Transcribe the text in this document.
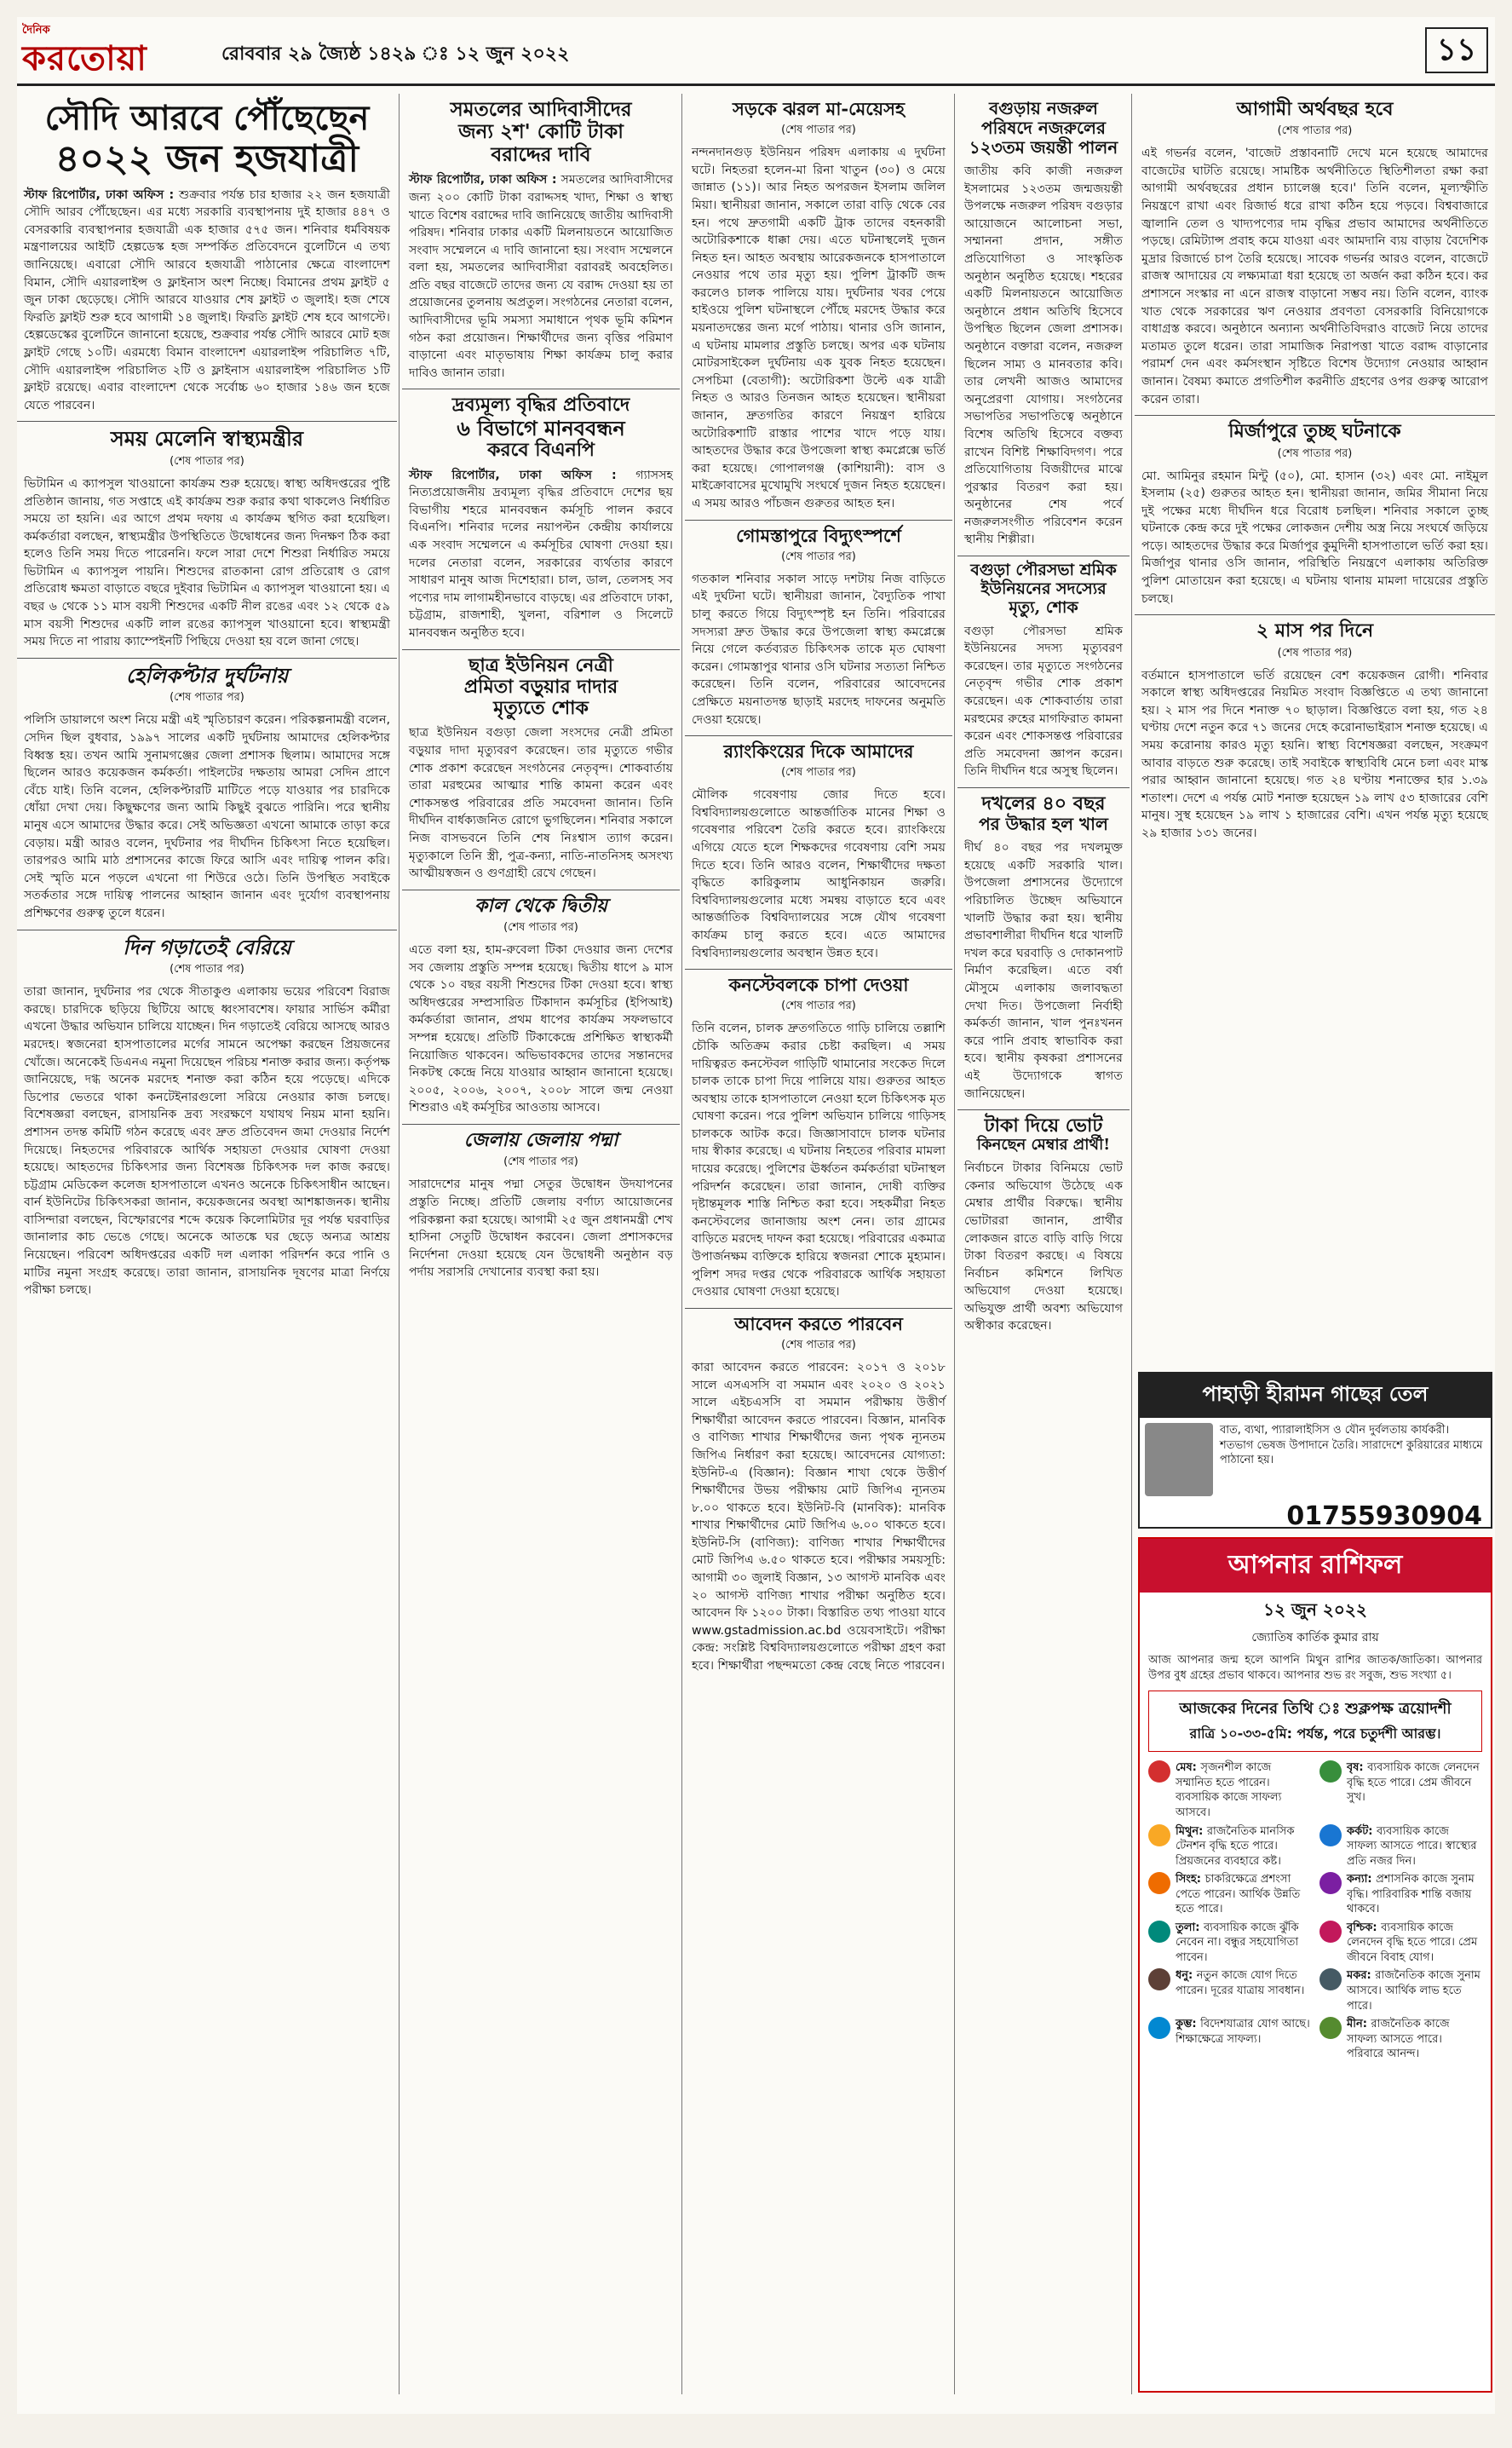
দৈনিক
করতোয়া	রোববার ২৯ জ্যৈষ্ঠ ১৪২৯ ঃ ১২ জুন ২০২২	১১
সৌদি আরবে পৌঁছেছেন
৪০২২ জন হজযাত্রী
স্টাফ রিপোর্টার, ঢাকা অফিস : শুক্রবার পর্যন্ত চার হাজার ২২ জন হজযাত্রী সৌদি আরব পৌঁছেছেন। এর মধ্যে সরকারি ব্যবস্থাপনায় দুই হাজার ৪৪৭ ও বেসরকারি ব্যবস্থাপনার হজযাত্রী এক হাজার ৫৭৫ জন। শনিবার ধর্মবিষয়ক মন্ত্রণালয়ের আইটি হেল্পডেস্ক হজ সম্পর্কিত প্রতিবেদনে বুলেটিনে এ তথ্য জানিয়েছে। এবারো সৌদি আরবে হজযাত্রী পাঠানোর ক্ষেত্রে বাংলাদেশ বিমান, সৌদি এয়ারলাইন্স ও ফ্লাইনাস অংশ নিচ্ছে। বিমানের প্রথম ফ্লাইট ৫ জুন ঢাকা ছেড়েছে। সৌদি আরবে যাওয়ার শেষ ফ্লাইট ৩ জুলাই। হজ শেষে ফিরতি ফ্লাইট শুরু হবে আগামী ১৪ জুলাই। ফিরতি ফ্লাইট শেষ হবে আগস্টে। হেল্পডেস্কের বুলেটিনে জানানো হয়েছে, শুক্রবার পর্যন্ত সৌদি আরবে মোট হজ ফ্লাইট গেছে ১০টি। এরমধ্যে বিমান বাংলাদেশ এয়ারলাইন্স পরিচালিত ৭টি, সৌদি এয়ারলাইন্স পরিচালিত ২টি ও ফ্লাইনাস এয়ারলাইন্স পরিচালিত ১টি ফ্লাইট রয়েছে। এবার বাংলাদেশ থেকে সর্বোচ্চ ৬০ হাজার ১৪৬ জন হজে যেতে পারবেন।
সময় মেলেনি স্বাস্থ্যমন্ত্রীর
(শেষ পাতার পর)
ভিটামিন এ ক্যাপসুল খাওয়ানো কার্যক্রম শুরু হয়েছে। স্বাস্থ্য অধিদপ্তরের পুষ্টি প্রতিষ্ঠান জানায়, গত সপ্তাহে এই কার্যক্রম শুরু করার কথা থাকলেও নির্ধারিত সময়ে তা হয়নি। এর আগে প্রথম দফায় এ কার্যক্রম স্থগিত করা হয়েছিল। কর্মকর্তারা বলছেন, স্বাস্থ্যমন্ত্রীর উপস্থিতিতে উদ্বোধনের জন্য দিনক্ষণ ঠিক করা হলেও তিনি সময় দিতে পারেননি। ফলে সারা দেশে শিশুরা নির্ধারিত সময়ে ভিটামিন এ ক্যাপসুল পায়নি। শিশুদের রাতকানা রোগ প্রতিরোধ ও রোগ প্রতিরোধ ক্ষমতা বাড়াতে বছরে দুইবার ভিটামিন এ ক্যাপসুল খাওয়ানো হয়। এ বছর ৬ থেকে ১১ মাস বয়সী শিশুদের একটি নীল রঙের এবং ১২ থেকে ৫৯ মাস বয়সী শিশুদের একটি লাল রঙের ক্যাপসুল খাওয়ানো হবে। স্বাস্থ্যমন্ত্রী সময় দিতে না পারায় ক্যাম্পেইনটি পিছিয়ে দেওয়া হয় বলে জানা গেছে।
হেলিকপ্টার দুর্ঘটনায়
(শেষ পাতার পর)
পলিসি ডায়ালগে অংশ নিয়ে মন্ত্রী এই স্মৃতিচারণ করেন। পরিকল্পনামন্ত্রী বলেন, সেদিন ছিল বুধবার, ১৯৯৭ সালের একটি দুর্ঘটনায় আমাদের হেলিকপ্টার বিধ্বস্ত হয়। তখন আমি সুনামগঞ্জের জেলা প্রশাসক ছিলাম। আমাদের সঙ্গে ছিলেন আরও কয়েকজন কর্মকর্তা। পাইলটের দক্ষতায় আমরা সেদিন প্রাণে বেঁচে যাই। তিনি বলেন, হেলিকপ্টারটি মাটিতে পড়ে যাওয়ার পর চারদিকে ধোঁয়া দেখা দেয়। কিছুক্ষণের জন্য আমি কিছুই বুঝতে পারিনি। পরে স্থানীয় মানুষ এসে আমাদের উদ্ধার করে। সেই অভিজ্ঞতা এখনো আমাকে তাড়া করে বেড়ায়। মন্ত্রী আরও বলেন, দুর্ঘটনার পর দীর্ঘদিন চিকিৎসা নিতে হয়েছিল। তারপরও আমি মাঠ প্রশাসনের কাজে ফিরে আসি এবং দায়িত্ব পালন করি। সেই স্মৃতি মনে পড়লে এখনো গা শিউরে ওঠে। তিনি উপস্থিত সবাইকে সতর্কতার সঙ্গে দায়িত্ব পালনের আহ্বান জানান এবং দুর্যোগ ব্যবস্থাপনায় প্রশিক্ষণের গুরুত্ব তুলে ধরেন।
দিন গড়াতেই বেরিয়ে
(শেষ পাতার পর)
তারা জানান, দুর্ঘটনার পর থেকে সীতাকুণ্ড এলাকায় ভয়ের পরিবেশ বিরাজ করছে। চারদিকে ছড়িয়ে ছিটিয়ে আছে ধ্বংসাবশেষ। ফায়ার সার্ভিস কর্মীরা এখনো উদ্ধার অভিযান চালিয়ে যাচ্ছেন। দিন গড়াতেই বেরিয়ে আসছে আরও মরদেহ। স্বজনেরা হাসপাতালের মর্গের সামনে অপেক্ষা করছেন প্রিয়জনের খোঁজে। অনেকেই ডিএনএ নমুনা দিয়েছেন পরিচয় শনাক্ত করার জন্য। কর্তৃপক্ষ জানিয়েছে, দগ্ধ অনেক মরদেহ শনাক্ত করা কঠিন হয়ে পড়েছে। এদিকে ডিপোর ভেতরে থাকা কনটেইনারগুলো সরিয়ে নেওয়ার কাজ চলছে। বিশেষজ্ঞরা বলছেন, রাসায়নিক দ্রব্য সংরক্ষণে যথাযথ নিয়ম মানা হয়নি। প্রশাসন তদন্ত কমিটি গঠন করেছে এবং দ্রুত প্রতিবেদন জমা দেওয়ার নির্দেশ দিয়েছে। নিহতদের পরিবারকে আর্থিক সহায়তা দেওয়ার ঘোষণা দেওয়া হয়েছে। আহতদের চিকিৎসার জন্য বিশেষজ্ঞ চিকিৎসক দল কাজ করছে। চট্টগ্রাম মেডিকেল কলেজ হাসপাতালে এখনও অনেকে চিকিৎসাধীন আছেন। বার্ন ইউনিটের চিকিৎসকরা জানান, কয়েকজনের অবস্থা আশঙ্কাজনক। স্থানীয় বাসিন্দারা বলছেন, বিস্ফোরণের শব্দে কয়েক কিলোমিটার দূর পর্যন্ত ঘরবাড়ির জানালার কাচ ভেঙে গেছে। অনেকে আতঙ্কে ঘর ছেড়ে অন্যত্র আশ্রয় নিয়েছেন। পরিবেশ অধিদপ্তরের একটি দল এলাকা পরিদর্শন করে পানি ও মাটির নমুনা সংগ্রহ করেছে। তারা জানান, রাসায়নিক দূষণের মাত্রা নির্ণয়ে পরীক্ষা চলছে।
সমতলের আদিবাসীদের
জন্য ২শ' কোটি টাকা
বরাদ্দের দাবি
স্টাফ রিপোর্টার, ঢাকা অফিস : সমতলের আদিবাসীদের জন্য ২০০ কোটি টাকা বরাদ্দসহ খাদ্য, শিক্ষা ও স্বাস্থ্য খাতে বিশেষ বরাদ্দের দাবি জানিয়েছে জাতীয় আদিবাসী পরিষদ। শনিবার ঢাকার একটি মিলনায়তনে আয়োজিত সংবাদ সম্মেলনে এ দাবি জানানো হয়। সংবাদ সম্মেলনে বলা হয়, সমতলের আদিবাসীরা বরাবরই অবহেলিত। প্রতি বছর বাজেটে তাদের জন্য যে বরাদ্দ দেওয়া হয় তা প্রয়োজনের তুলনায় অপ্রতুল। সংগঠনের নেতারা বলেন, আদিবাসীদের ভূমি সমস্যা সমাধানে পৃথক ভূমি কমিশন গঠন করা প্রয়োজন। শিক্ষার্থীদের জন্য বৃত্তির পরিমাণ বাড়ানো এবং মাতৃভাষায় শিক্ষা কার্যক্রম চালু করার দাবিও জানান তারা।
দ্রব্যমূল্য বৃদ্ধির প্রতিবাদে
৬ বিভাগে মানববন্ধন
করবে বিএনপি
স্টাফ রিপোর্টার, ঢাকা অফিস : গ্যাসসহ নিত্যপ্রয়োজনীয় দ্রব্যমূল্য বৃদ্ধির প্রতিবাদে দেশের ছয় বিভাগীয় শহরে মানববন্ধন কর্মসূচি পালন করবে বিএনপি। শনিবার দলের নয়াপল্টন কেন্দ্রীয় কার্যালয়ে এক সংবাদ সম্মেলনে এ কর্মসূচির ঘোষণা দেওয়া হয়। দলের নেতারা বলেন, সরকারের ব্যর্থতার কারণে সাধারণ মানুষ আজ দিশেহারা। চাল, ডাল, তেলসহ সব পণ্যের দাম লাগামহীনভাবে বাড়ছে। এর প্রতিবাদে ঢাকা, চট্টগ্রাম, রাজশাহী, খুলনা, বরিশাল ও সিলেটে মানববন্ধন অনুষ্ঠিত হবে।
ছাত্র ইউনিয়ন নেত্রী
প্রমিতা বড়ুয়ার দাদার
মৃত্যুতে শোক
ছাত্র ইউনিয়ন বগুড়া জেলা সংসদের নেত্রী প্রমিতা বড়ুয়ার দাদা মৃত্যুবরণ করেছেন। তার মৃত্যুতে গভীর শোক প্রকাশ করেছেন সংগঠনের নেতৃবৃন্দ। শোকবার্তায় তারা মরহুমের আত্মার শান্তি কামনা করেন এবং শোকসন্তপ্ত পরিবারের প্রতি সমবেদনা জানান। তিনি দীর্ঘদিন বার্ধক্যজনিত রোগে ভুগছিলেন। শনিবার সকালে নিজ বাসভবনে তিনি শেষ নিঃশ্বাস ত্যাগ করেন। মৃত্যুকালে তিনি স্ত্রী, পুত্র-কন্যা, নাতি-নাতনিসহ অসংখ্য আত্মীয়স্বজন ও গুণগ্রাহী রেখে গেছেন।
কাল থেকে দ্বিতীয়
(শেষ পাতার পর)
এতে বলা হয়, হাম-রুবেলা টিকা দেওয়ার জন্য দেশের সব জেলায় প্রস্তুতি সম্পন্ন হয়েছে। দ্বিতীয় ধাপে ৯ মাস থেকে ১০ বছর বয়সী শিশুদের টিকা দেওয়া হবে। স্বাস্থ্য অধিদপ্তরের সম্প্রসারিত টিকাদান কর্মসূচির (ইপিআই) কর্মকর্তারা জানান, প্রথম ধাপের কার্যক্রম সফলভাবে সম্পন্ন হয়েছে। প্রতিটি টিকাকেন্দ্রে প্রশিক্ষিত স্বাস্থ্যকর্মী নিয়োজিত থাকবেন। অভিভাবকদের তাদের সন্তানদের নিকটস্থ কেন্দ্রে নিয়ে যাওয়ার আহ্বান জানানো হয়েছে। ২০০৫, ২০০৬, ২০০৭, ২০০৮ সালে জন্ম নেওয়া শিশুরাও এই কর্মসূচির আওতায় আসবে।
জেলায় জেলায় পদ্মা
(শেষ পাতার পর)
সারাদেশের মানুষ পদ্মা সেতুর উদ্বোধন উদযাপনের প্রস্তুতি নিচ্ছে। প্রতিটি জেলায় বর্ণাঢ্য আয়োজনের পরিকল্পনা করা হয়েছে। আগামী ২৫ জুন প্রধানমন্ত্রী শেখ হাসিনা সেতুটি উদ্বোধন করবেন। জেলা প্রশাসকদের নির্দেশনা দেওয়া হয়েছে যেন উদ্বোধনী অনুষ্ঠান বড় পর্দায় সরাসরি দেখানোর ব্যবস্থা করা হয়।
সড়কে ঝরল মা-মেয়েসহ
(শেষ পাতার পর)
নন্দনদানগুড় ইউনিয়ন পরিষদ এলাকায় এ দুর্ঘটনা ঘটে। নিহতরা হলেন-মা রিনা খাতুন (৩০) ও মেয়ে জান্নাত (১১)। আর নিহত অপরজন ইসলাম জলিল মিয়া। স্থানীয়রা জানান, সকালে তারা বাড়ি থেকে বের হন। পথে দ্রুতগামী একটি ট্রাক তাদের বহনকারী অটোরিকশাকে ধাক্কা দেয়। এতে ঘটনাস্থলেই দুজন নিহত হন। আহত অবস্থায় আরেকজনকে হাসপাতালে নেওয়ার পথে তার মৃত্যু হয়। পুলিশ ট্রাকটি জব্দ করলেও চালক পালিয়ে যায়। দুর্ঘটনার খবর পেয়ে হাইওয়ে পুলিশ ঘটনাস্থলে পৌঁছে মরদেহ উদ্ধার করে ময়নাতদন্তের জন্য মর্গে পাঠায়। থানার ওসি জানান, এ ঘটনায় মামলার প্রস্তুতি চলছে। অপর এক ঘটনায় মোটরসাইকেল দুর্ঘটনায় এক যুবক নিহত হয়েছেন। সেপচিমা (বেতাগী): অটোরিকশা উল্টে এক যাত্রী নিহত ও আরও তিনজন আহত হয়েছেন। স্থানীয়রা জানান, দ্রুতগতির কারণে নিয়ন্ত্রণ হারিয়ে অটোরিকশাটি রাস্তার পাশের খাদে পড়ে যায়। আহতদের উদ্ধার করে উপজেলা স্বাস্থ্য কমপ্লেক্সে ভর্তি করা হয়েছে। গোপালগঞ্জ (কাশিয়ানী): বাস ও মাইক্রোবাসের মুখোমুখি সংঘর্ষে দুজন নিহত হয়েছেন। এ সময় আরও পাঁচজন গুরুতর আহত হন।
গোমস্তাপুরে বিদ্যুৎস্পর্শে
(শেষ পাতার পর)
গতকাল শনিবার সকাল সাড়ে দশটায় নিজ বাড়িতে এই দুর্ঘটনা ঘটে। স্থানীয়রা জানান, বৈদ্যুতিক পাখা চালু করতে গিয়ে বিদ্যুৎস্পৃষ্ট হন তিনি। পরিবারের সদস্যরা দ্রুত উদ্ধার করে উপজেলা স্বাস্থ্য কমপ্লেক্সে নিয়ে গেলে কর্তব্যরত চিকিৎসক তাকে মৃত ঘোষণা করেন। গোমস্তাপুর থানার ওসি ঘটনার সত্যতা নিশ্চিত করেছেন। তিনি বলেন, পরিবারের আবেদনের প্রেক্ষিতে ময়নাতদন্ত ছাড়াই মরদেহ দাফনের অনুমতি দেওয়া হয়েছে।
র‍্যাংকিংয়ের দিকে আমাদের
(শেষ পাতার পর)
মৌলিক গবেষণায় জোর দিতে হবে। বিশ্ববিদ্যালয়গুলোতে আন্তর্জাতিক মানের শিক্ষা ও গবেষণার পরিবেশ তৈরি করতে হবে। র‍্যাংকিংয়ে এগিয়ে যেতে হলে শিক্ষকদের গবেষণায় বেশি সময় দিতে হবে। তিনি আরও বলেন, শিক্ষার্থীদের দক্ষতা বৃদ্ধিতে কারিকুলাম আধুনিকায়ন জরুরি। বিশ্ববিদ্যালয়গুলোর মধ্যে সমন্বয় বাড়াতে হবে এবং আন্তর্জাতিক বিশ্ববিদ্যালয়ের সঙ্গে যৌথ গবেষণা কার্যক্রম চালু করতে হবে। এতে আমাদের বিশ্ববিদ্যালয়গুলোর অবস্থান উন্নত হবে।
কনস্টেবলকে চাপা দেওয়া
(শেষ পাতার পর)
তিনি বলেন, চালক দ্রুতগতিতে গাড়ি চালিয়ে তল্লাশি চৌকি অতিক্রম করার চেষ্টা করছিল। এ সময় দায়িত্বরত কনস্টেবল গাড়িটি থামানোর সংকেত দিলে চালক তাকে চাপা দিয়ে পালিয়ে যায়। গুরুতর আহত অবস্থায় তাকে হাসপাতালে নেওয়া হলে চিকিৎসক মৃত ঘোষণা করেন। পরে পুলিশ অভিযান চালিয়ে গাড়িসহ চালককে আটক করে। জিজ্ঞাসাবাদে চালক ঘটনার দায় স্বীকার করেছে। এ ঘটনায় নিহতের পরিবার মামলা দায়ের করেছে। পুলিশের ঊর্ধ্বতন কর্মকর্তারা ঘটনাস্থল পরিদর্শন করেছেন। তারা জানান, দোষী ব্যক্তির দৃষ্টান্তমূলক শাস্তি নিশ্চিত করা হবে। সহকর্মীরা নিহত কনস্টেবলের জানাজায় অংশ নেন। তার গ্রামের বাড়িতে মরদেহ দাফন করা হয়েছে। পরিবারের একমাত্র উপার্জনক্ষম ব্যক্তিকে হারিয়ে স্বজনরা শোকে মুহ্যমান। পুলিশ সদর দপ্তর থেকে পরিবারকে আর্থিক সহায়তা দেওয়ার ঘোষণা দেওয়া হয়েছে।
আবেদন করতে পারবেন
(শেষ পাতার পর)
কারা আবেদন করতে পারবেন: ২০১৭ ও ২০১৮ সালে এসএসসি বা সমমান এবং ২০২০ ও ২০২১ সালে এইচএসসি বা সমমান পরীক্ষায় উত্তীর্ণ শিক্ষার্থীরা আবেদন করতে পারবেন। বিজ্ঞান, মানবিক ও বাণিজ্য শাখার শিক্ষার্থীদের জন্য পৃথক ন্যূনতম জিপিএ নির্ধারণ করা হয়েছে। আবেদনের যোগ্যতা: ইউনিট-এ (বিজ্ঞান): বিজ্ঞান শাখা থেকে উত্তীর্ণ শিক্ষার্থীদের উভয় পরীক্ষায় মোট জিপিএ ন্যূনতম ৮.০০ থাকতে হবে। ইউনিট-বি (মানবিক): মানবিক শাখার শিক্ষার্থীদের মোট জিপিএ ৬.০০ থাকতে হবে। ইউনিট-সি (বাণিজ্য): বাণিজ্য শাখার শিক্ষার্থীদের মোট জিপিএ ৬.৫০ থাকতে হবে। পরীক্ষার সময়সূচি: আগামী ৩০ জুলাই বিজ্ঞান, ১৩ আগস্ট মানবিক এবং ২০ আগস্ট বাণিজ্য শাখার পরীক্ষা অনুষ্ঠিত হবে। আবেদন ফি ১২০০ টাকা। বিস্তারিত তথ্য পাওয়া যাবে www.gstadmission.ac.bd ওয়েবসাইটে। পরীক্ষা কেন্দ্র: সংশ্লিষ্ট বিশ্ববিদ্যালয়গুলোতে পরীক্ষা গ্রহণ করা হবে। শিক্ষার্থীরা পছন্দমতো কেন্দ্র বেছে নিতে পারবেন।
বগুড়ায় নজরুল
পরিষদে নজরুলের
১২৩তম জয়ন্তী পালন
জাতীয় কবি কাজী নজরুল ইসলামের ১২৩তম জন্মজয়ন্তী উপলক্ষে নজরুল পরিষদ বগুড়ার আয়োজনে আলোচনা সভা, সম্মাননা প্রদান, সঙ্গীত প্রতিযোগিতা ও সাংস্কৃতিক অনুষ্ঠান অনুষ্ঠিত হয়েছে। শহরের একটি মিলনায়তনে আয়োজিত অনুষ্ঠানে প্রধান অতিথি হিসেবে উপস্থিত ছিলেন জেলা প্রশাসক। অনুষ্ঠানে বক্তারা বলেন, নজরুল ছিলেন সাম্য ও মানবতার কবি। তার লেখনী আজও আমাদের অনুপ্রেরণা যোগায়। সংগঠনের সভাপতির সভাপতিত্বে অনুষ্ঠানে বিশেষ অতিথি হিসেবে বক্তব্য রাখেন বিশিষ্ট শিক্ষাবিদগণ। পরে প্রতিযোগিতায় বিজয়ীদের মাঝে পুরস্কার বিতরণ করা হয়। অনুষ্ঠানের শেষ পর্বে নজরুলসংগীত পরিবেশন করেন স্থানীয় শিল্পীরা।
বগুড়া পৌরসভা শ্রমিক
ইউনিয়নের সদস্যের
মৃত্যু, শোক
বগুড়া পৌরসভা শ্রমিক ইউনিয়নের সদস্য মৃত্যুবরণ করেছেন। তার মৃত্যুতে সংগঠনের নেতৃবৃন্দ গভীর শোক প্রকাশ করেছেন। এক শোকবার্তায় তারা মরহুমের রুহের মাগফিরাত কামনা করেন এবং শোকসন্তপ্ত পরিবারের প্রতি সমবেদনা জ্ঞাপন করেন। তিনি দীর্ঘদিন ধরে অসুস্থ ছিলেন।
দখলের ৪০ বছর
পর উদ্ধার হল খাল
দীর্ঘ ৪০ বছর পর দখলমুক্ত হয়েছে একটি সরকারি খাল। উপজেলা প্রশাসনের উদ্যোগে পরিচালিত উচ্ছেদ অভিযানে খালটি উদ্ধার করা হয়। স্থানীয় প্রভাবশালীরা দীর্ঘদিন ধরে খালটি দখল করে ঘরবাড়ি ও দোকানপাট নির্মাণ করেছিল। এতে বর্ষা মৌসুমে এলাকায় জলাবদ্ধতা দেখা দিত। উপজেলা নির্বাহী কর্মকর্তা জানান, খাল পুনঃখনন করে পানি প্রবাহ স্বাভাবিক করা হবে। স্থানীয় কৃষকরা প্রশাসনের এই উদ্যোগকে স্বাগত জানিয়েছেন।
টাকা দিয়ে ভোট
কিনছেন মেম্বার প্রার্থী!
নির্বাচনে টাকার বিনিময়ে ভোট কেনার অভিযোগ উঠেছে এক মেম্বার প্রার্থীর বিরুদ্ধে। স্থানীয় ভোটাররা জানান, প্রার্থীর লোকজন রাতে বাড়ি বাড়ি গিয়ে টাকা বিতরণ করছে। এ বিষয়ে নির্বাচন কমিশনে লিখিত অভিযোগ দেওয়া হয়েছে। অভিযুক্ত প্রার্থী অবশ্য অভিযোগ অস্বীকার করেছেন।
আগামী অর্থবছর হবে
(শেষ পাতার পর)
এই গভর্নর বলেন, 'বাজেট প্রস্তাবনাটি দেখে মনে হয়েছে আমাদের বাজেটের ঘাটতি রয়েছে। সামষ্টিক অর্থনীতিতে স্থিতিশীলতা রক্ষা করা আগামী অর্থবছরের প্রধান চ্যালেঞ্জ হবে।' তিনি বলেন, মূল্যস্ফীতি নিয়ন্ত্রণে রাখা এবং রিজার্ভ ধরে রাখা কঠিন হয়ে পড়বে। বিশ্ববাজারে জ্বালানি তেল ও খাদ্যপণ্যের দাম বৃদ্ধির প্রভাব আমাদের অর্থনীতিতে পড়ছে। রেমিট্যান্স প্রবাহ কমে যাওয়া এবং আমদানি ব্যয় বাড়ায় বৈদেশিক মুদ্রার রিজার্ভে চাপ তৈরি হয়েছে। সাবেক গভর্নর আরও বলেন, বাজেটে রাজস্ব আদায়ের যে লক্ষ্যমাত্রা ধরা হয়েছে তা অর্জন করা কঠিন হবে। কর প্রশাসনে সংস্কার না এনে রাজস্ব বাড়ানো সম্ভব নয়। তিনি বলেন, ব্যাংক খাত থেকে সরকারের ঋণ নেওয়ার প্রবণতা বেসরকারি বিনিয়োগকে বাধাগ্রস্ত করবে। অনুষ্ঠানে অন্যান্য অর্থনীতিবিদরাও বাজেট নিয়ে তাদের মতামত তুলে ধরেন। তারা সামাজিক নিরাপত্তা খাতে বরাদ্দ বাড়ানোর পরামর্শ দেন এবং কর্মসংস্থান সৃষ্টিতে বিশেষ উদ্যোগ নেওয়ার আহ্বান জানান। বৈষম্য কমাতে প্রগতিশীল করনীতি গ্রহণের ওপর গুরুত্ব আরোপ করেন তারা।
মির্জাপুরে তুচ্ছ ঘটনাকে
(শেষ পাতার পর)
মো. আমিনুর রহমান মিন্টু (৫০), মো. হাসান (৩২) এবং মো. নাইমুল ইসলাম (২৫) গুরুতর আহত হন। স্থানীয়রা জানান, জমির সীমানা নিয়ে দুই পক্ষের মধ্যে দীর্ঘদিন ধরে বিরোধ চলছিল। শনিবার সকালে তুচ্ছ ঘটনাকে কেন্দ্র করে দুই পক্ষের লোকজন দেশীয় অস্ত্র নিয়ে সংঘর্ষে জড়িয়ে পড়ে। আহতদের উদ্ধার করে মির্জাপুর কুমুদিনী হাসপাতালে ভর্তি করা হয়। মির্জাপুর থানার ওসি জানান, পরিস্থিতি নিয়ন্ত্রণে এলাকায় অতিরিক্ত পুলিশ মোতায়েন করা হয়েছে। এ ঘটনায় থানায় মামলা দায়েরের প্রস্তুতি চলছে।
২ মাস পর দিনে
(শেষ পাতার পর)
বর্তমানে হাসপাতালে ভর্তি রয়েছেন বেশ কয়েকজন রোগী। শনিবার সকালে স্বাস্থ্য অধিদপ্তরের নিয়মিত সংবাদ বিজ্ঞপ্তিতে এ তথ্য জানানো হয়। ২ মাস পর দিনে শনাক্ত ৭০ ছাড়াল। বিজ্ঞপ্তিতে বলা হয়, গত ২৪ ঘণ্টায় দেশে নতুন করে ৭১ জনের দেহে করোনাভাইরাস শনাক্ত হয়েছে। এ সময় করোনায় কারও মৃত্যু হয়নি। স্বাস্থ্য বিশেষজ্ঞরা বলছেন, সংক্রমণ আবার বাড়তে শুরু করেছে। তাই সবাইকে স্বাস্থ্যবিধি মেনে চলা এবং মাস্ক পরার আহ্বান জানানো হয়েছে। গত ২৪ ঘণ্টায় শনাক্তের হার ১.৩৯ শতাংশ। দেশে এ পর্যন্ত মোট শনাক্ত হয়েছেন ১৯ লাখ ৫৩ হাজারের বেশি মানুষ। সুস্থ হয়েছেন ১৯ লাখ ১ হাজারের বেশি। এখন পর্যন্ত মৃত্যু হয়েছে ২৯ হাজার ১৩১ জনের।
পাহাড়ী হীরামন গাছের তেল
বাত, ব্যথা, প্যারালাইসিস ও যৌন দুর্বলতায় কার্যকরী। শতভাগ ভেষজ উপাদানে তৈরি। সারাদেশে কুরিয়ারের মাধ্যমে পাঠানো হয়।
01755930904
আপনার রাশিফল
১২ জুন ২০২২
জ্যোতিষ কার্তিক কুমার রায়
আজ আপনার জন্ম হলে আপনি মিথুন রাশির জাতক/জাতিকা। আপনার উপর বুধ গ্রহের প্রভাব থাকবে। আপনার শুভ রং সবুজ, শুভ সংখ্যা ৫।
আজকের দিনের তিথি ঃ শুক্লপক্ষ ত্রয়োদশী
রাত্রি ১০-৩৩-৫মি: পর্যন্ত, পরে চতুর্দশী আরম্ভ।
মেষ: সৃজনশীল কাজে সম্মানিত হতে পারেন। ব্যবসায়িক কাজে সাফল্য আসবে।
বৃষ: ব্যবসায়িক কাজে লেনদেন বৃদ্ধি হতে পারে। প্রেম জীবনে সুখ।
মিথুন: রাজনৈতিক মানসিক টেনশন বৃদ্ধি হতে পারে। প্রিয়জনের ব্যবহারে কষ্ট।
কর্কট: ব্যবসায়িক কাজে সাফল্য আসতে পারে। স্বাস্থ্যের প্রতি নজর দিন।
সিংহ: চাকরিক্ষেত্রে প্রশংসা পেতে পারেন। আর্থিক উন্নতি হতে পারে।
কন্যা: প্রশাসনিক কাজে সুনাম বৃদ্ধি। পারিবারিক শান্তি বজায় থাকবে।
তুলা: ব্যবসায়িক কাজে ঝুঁকি নেবেন না। বন্ধুর সহযোগিতা পাবেন।
বৃশ্চিক: ব্যবসায়িক কাজে লেনদেন বৃদ্ধি হতে পারে। প্রেম জীবনে বিবাহ যোগ।
ধনু: নতুন কাজে যোগ দিতে পারেন। দূরের যাত্রায় সাবধান।
মকর: রাজনৈতিক কাজে সুনাম আসবে। আর্থিক লাভ হতে পারে।
কুম্ভ: বিদেশযাত্রার যোগ আছে। শিক্ষাক্ষেত্রে সাফল্য।
মীন: রাজনৈতিক কাজে সাফল্য আসতে পারে। পরিবারে আনন্দ।
